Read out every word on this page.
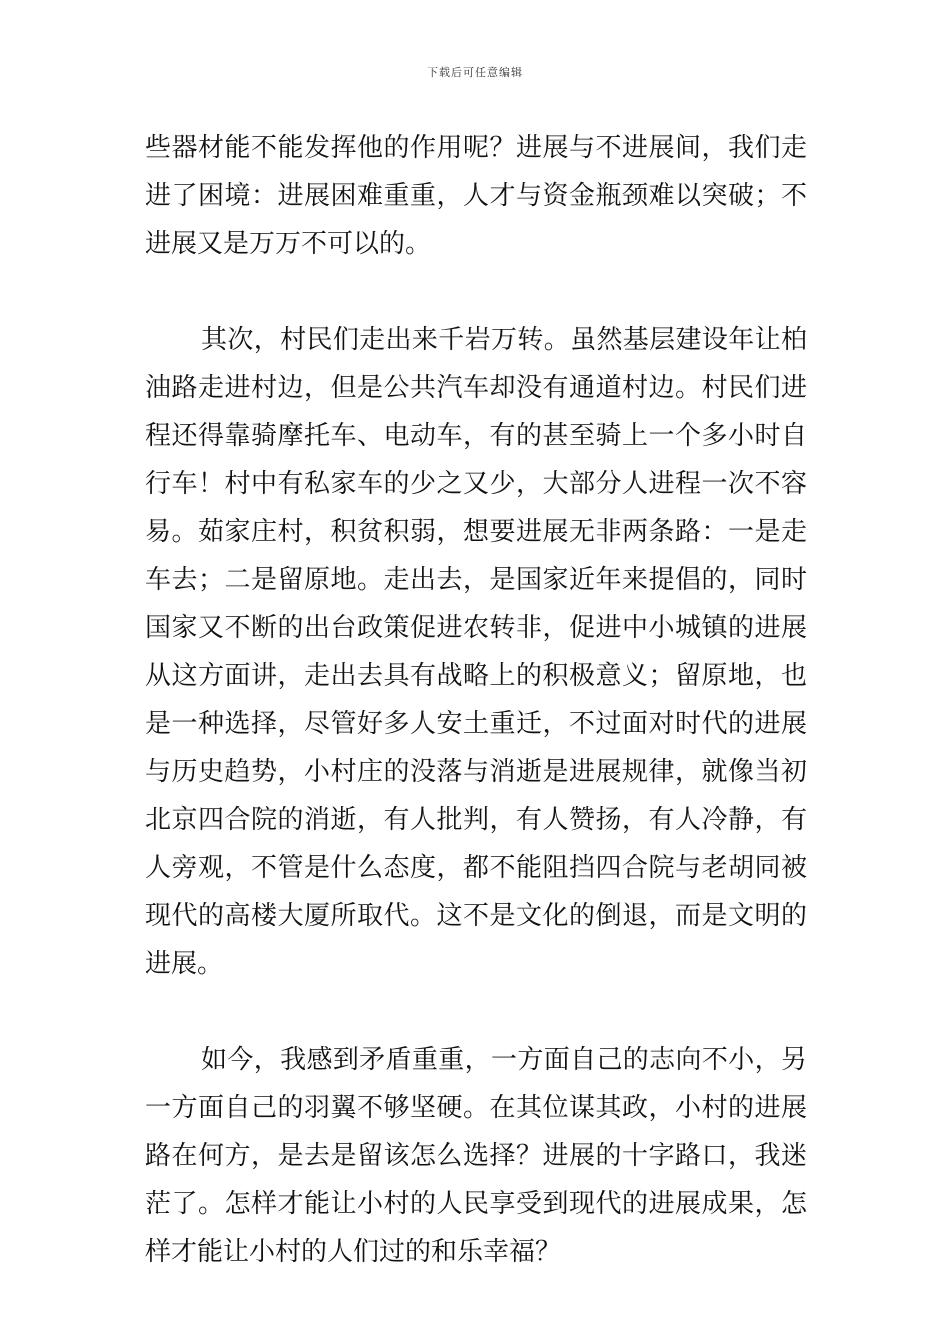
下载后可任意编辑
些器材能不能发挥他的作用呢？进展与不进展间，我们走
进了困境：进展困难重重，人才与资金瓶颈难以突破；不
进展又是万万不可以的。
其次，村民们走出来千岩万转。虽然基层建设年让柏
油路走进村边，但是公共汽车却没有通道村边。村民们进
程还得靠骑摩托车、电动车，有的甚至骑上一个多小时自
行车！村中有私家车的少之又少，大部分人进程一次不容
易。茹家庄村，积贫积弱，想要进展无非两条路：一是走
车去；二是留原地。走出去，是国家近年来提倡的，同时
国家又不断的出台政策促进农转非，促进中小城镇的进展
从这方面讲，走出去具有战略上的积极意义；留原地，也
是一种选择，尽管好多人安土重迁，不过面对时代的进展
与历史趋势，小村庄的没落与消逝是进展规律，就像当初
北京四合院的消逝，有人批判，有人赞扬，有人冷静，有
人旁观，不管是什么态度，都不能阻挡四合院与老胡同被
现代的高楼大厦所取代。这不是文化的倒退，而是文明的
进展。
如今，我感到矛盾重重，一方面自己的志向不小，另
一方面自己的羽翼不够坚硬。在其位谋其政，小村的进展
路在何方，是去是留该怎么选择？进展的十字路口，我迷
茫了。怎样才能让小村的人民享受到现代的进展成果，怎
样才能让小村的人们过的和乐幸福？
